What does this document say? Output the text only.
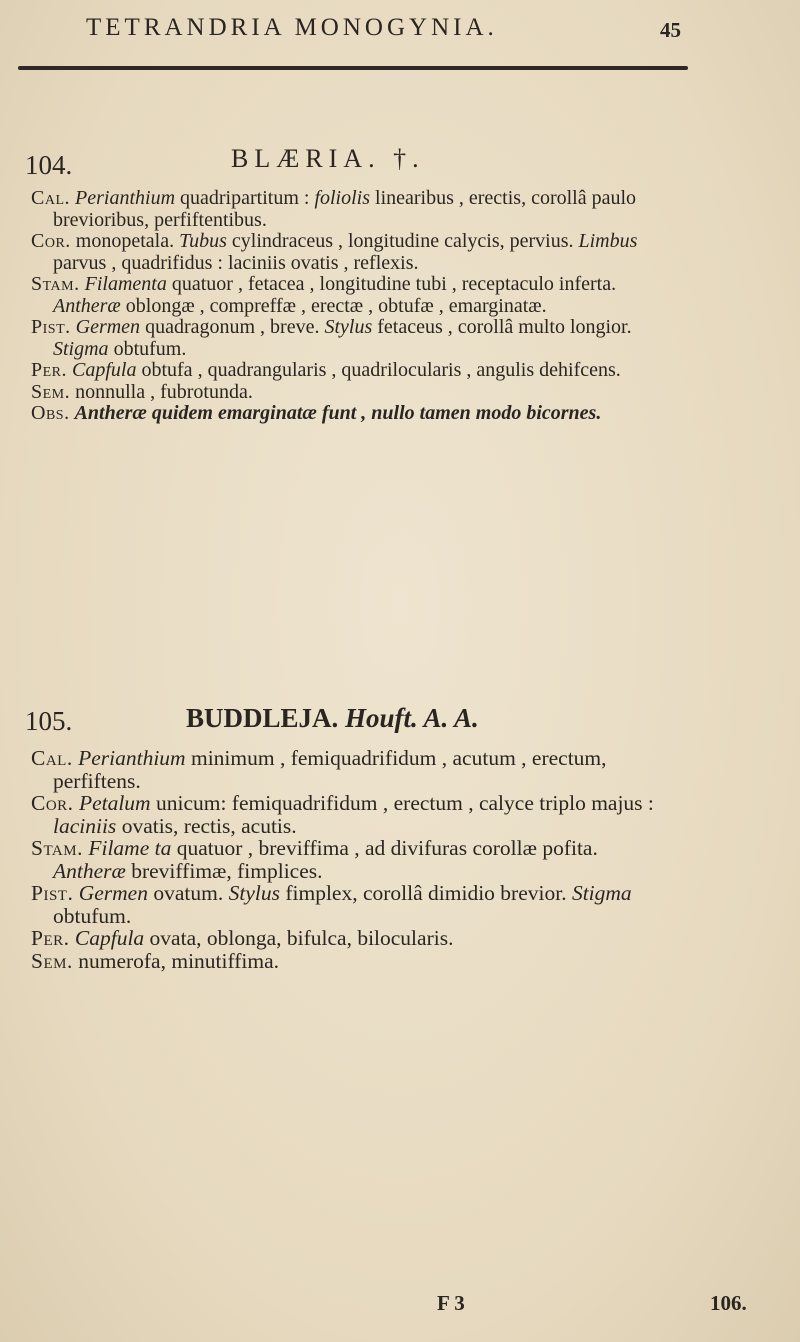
TETRANDRIA MONOGYNIA.	45
104.	BLÆRIA. †.

Cal. Perianthium quadripartitum : foliolis linearibus , erectis, corollâ paulo brevioribus, perfiftentibus.

Cor. monopetala. Tubus cylindraceus , longitudine calycis, pervius. Limbus parvus , quadrifidus : laciniis ovatis , reflexis.

Stam. Filamenta quatuor , fetacea , longitudine tubi , receptaculo inferta. Antheræ oblongæ , compreffæ , erectæ , obtufæ , emarginatæ.

Pist. Germen quadragonum , breve. Stylus fetaceus , corollâ multo longior. Stigma obtufum.

Per. Capfula obtufa , quadrangularis , quadrilocularis , angulis dehifcens.

Sem. nonnulla , fubrotunda.

Obs. Antheræ quidem emarginatæ funt , nullo tamen modo bicornes.

105.	BUDDLEJA. Houft. A. A.

Cal. Perianthium minimum , femiquadrifidum , acutum , erectum, perfiftens.

Cor. Petalum unicum: femiquadrifidum , erectum , calyce triplo majus : laciniis ovatis, rectis, acutis.

Stam. Filame ta quatuor , breviffima , ad divifuras corollæ pofita. Antheræ breviffimæ, fimplices.

Pist. Germen ovatum. Stylus fimplex, corollâ dimidio brevior. Stigma obtufum.

Per. Capfula ovata, oblonga, bifulca, bilocularis.

Sem. numerofa, minutiffima.

F 3	106.
